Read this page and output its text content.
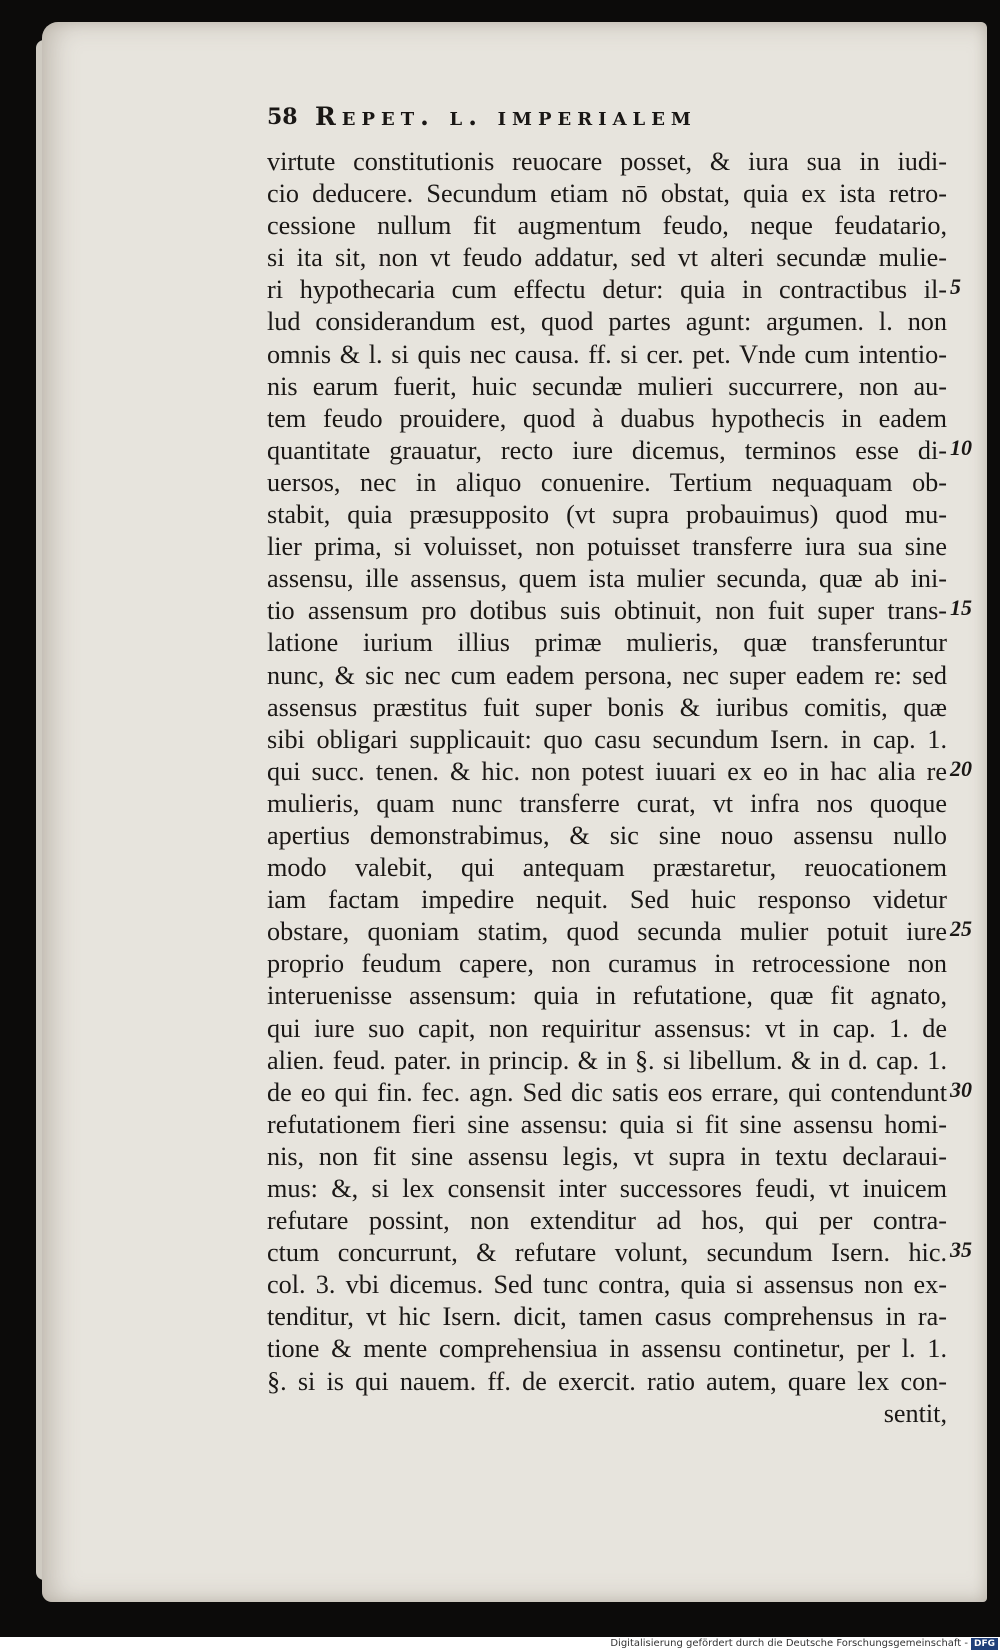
58 Repet. l. imperialem
virtute constitutionis reuocare posset, & iura sua in iudi-
cio deducere. Secundum etiam nō obstat, quia ex ista retro-
cessione nullum fit augmentum feudo, neque feudatario,
si ita sit, non vt feudo addatur, sed vt alteri secundæ mulie-
ri hypothecaria cum effectu detur: quia in contractibus il-
lud considerandum est, quod partes agunt: argumen. l. non
omnis & l. si quis nec causa. ff. si cer. pet. Vnde cum intentio-
nis earum fuerit, huic secundæ mulieri succurrere, non au-
tem feudo prouidere, quod à duabus hypothecis in eadem
quantitate grauatur, recto iure dicemus, terminos esse di-
uersos, nec in aliquo conuenire. Tertium nequaquam ob-
stabit, quia præsupposito (vt supra probauimus) quod mu-
lier prima, si voluisset, non potuisset transferre iura sua sine
assensu, ille assensus, quem ista mulier secunda, quæ ab ini-
tio assensum pro dotibus suis obtinuit, non fuit super trans-
latione iurium illius primæ mulieris, quæ transferuntur
nunc, & sic nec cum eadem persona, nec super eadem re: sed
assensus præstitus fuit super bonis & iuribus comitis, quæ
sibi obligari supplicauit: quo casu secundum Isern. in cap. 1.
qui succ. tenen. & hic. non potest iuuari ex eo in hac alia re
mulieris, quam nunc transferre curat, vt infra nos quoque
apertius demonstrabimus, & sic sine nouo assensu nullo
modo valebit, qui antequam præstaretur, reuocationem
iam factam impedire nequit. Sed huic responso videtur
obstare, quoniam statim, quod secunda mulier potuit iure
proprio feudum capere, non curamus in retrocessione non
interuenisse assensum: quia in refutatione, quæ fit agnato,
qui iure suo capit, non requiritur assensus: vt in cap. 1. de
alien. feud. pater. in princip. & in §. si libellum. & in d. cap. 1.
de eo qui fin. fec. agn. Sed dic satis eos errare, qui contendunt
refutationem fieri sine assensu: quia si fit sine assensu homi-
nis, non fit sine assensu legis, vt supra in textu declaraui-
mus: &, si lex consensit inter successores feudi, vt inuicem
refutare possint, non extenditur ad hos, qui per contra-
ctum concurrunt, & refutare volunt, secundum Isern. hic.
col. 3. vbi dicemus. Sed tunc contra, quia si assensus non ex-
tenditur, vt hic Isern. dicit, tamen casus comprehensus in ra-
tione & mente comprehensiua in assensu continetur, per l. 1.
§. si is qui nauem. ff. de exercit. ratio autem, quare lex con-
sentit,
5
10
15
20
25
30
35
Digitalisierung gefördert durch die Deutsche Forschungsgemeinschaft - DFG
